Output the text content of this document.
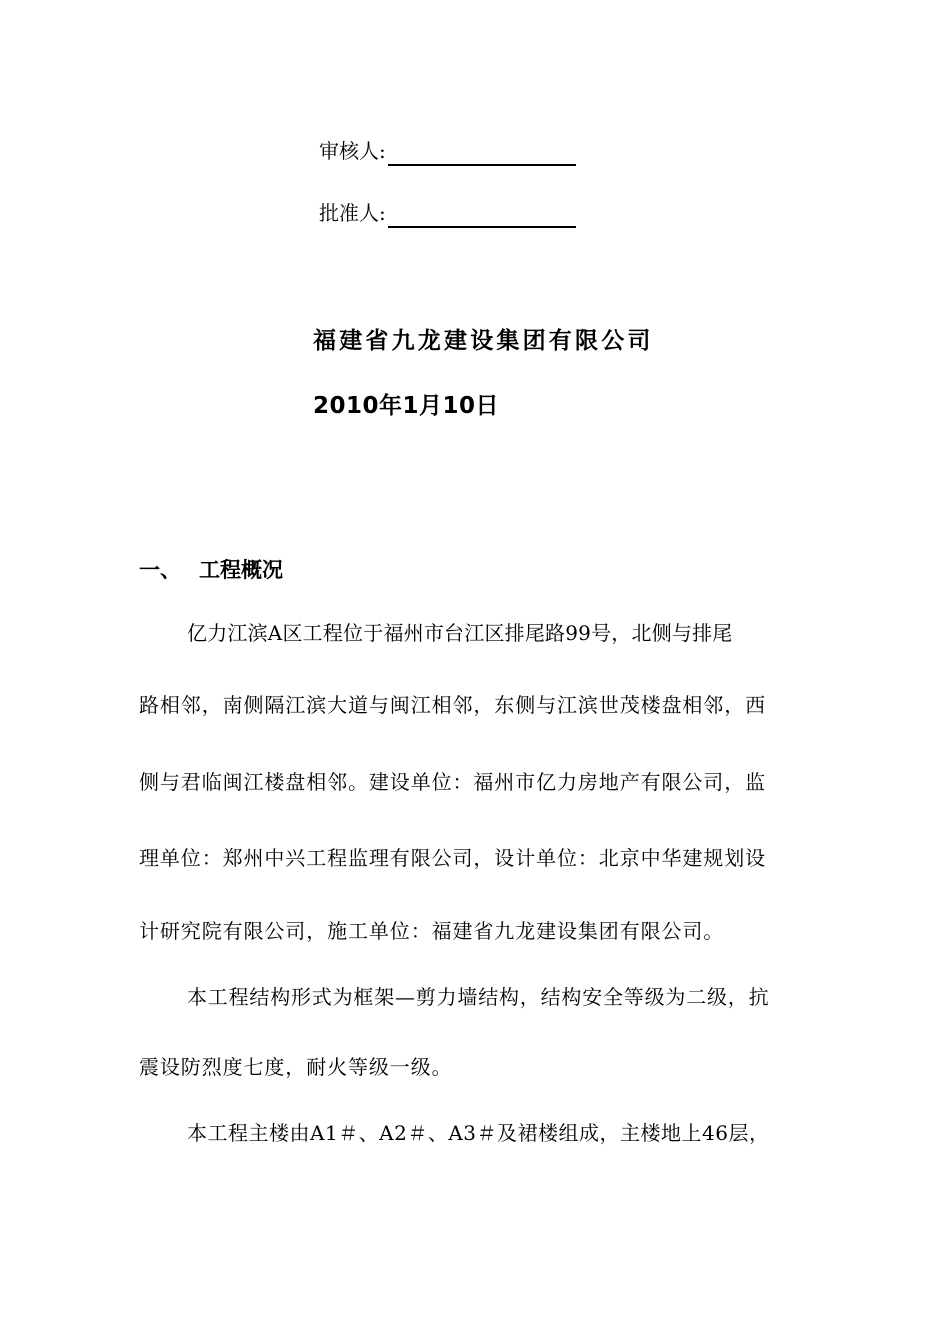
审核人:
批准人:
福建省九龙建设集团有限公司
2010年1月10日
一、 工程概况
亿力江滨A区工程位于福州市台江区排尾路99号，北侧与排尾
路相邻，南侧隔江滨大道与闽江相邻，东侧与江滨世茂楼盘相邻，西
侧与君临闽江楼盘相邻。建设单位：福州市亿力房地产有限公司，监
理单位：郑州中兴工程监理有限公司，设计单位：北京中华建规划设
计研究院有限公司，施工单位：福建省九龙建设集团有限公司。
本工程结构形式为框架—剪力墙结构，结构安全等级为二级，抗
震设防烈度七度，耐火等级一级。
本工程主楼由A1＃、A2＃、A3＃及裙楼组成，主楼地上46层，
